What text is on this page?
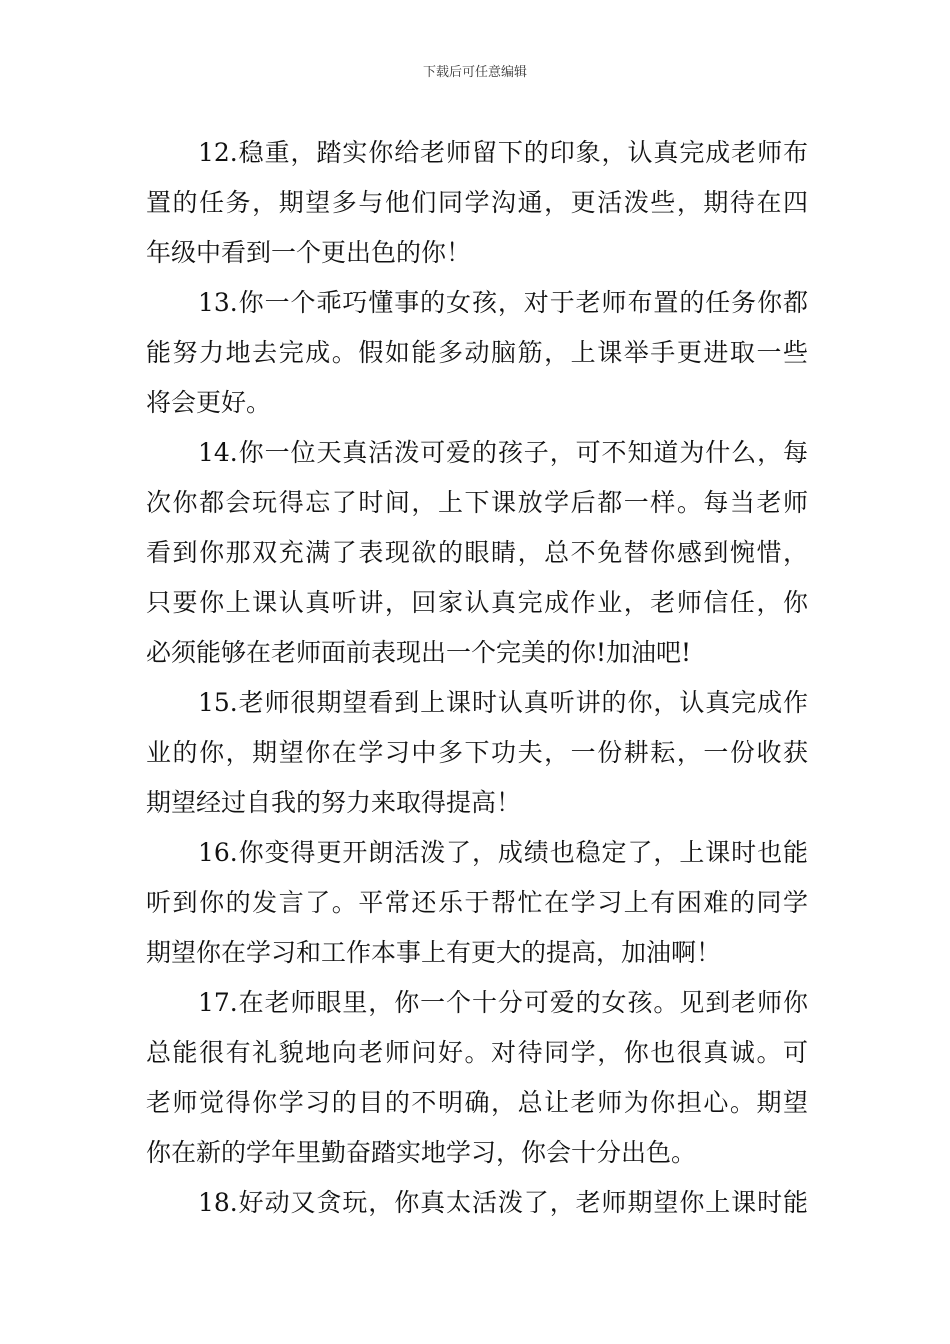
下载后可任意编辑
12.稳重，踏实你给老师留下的印象，认真完成老师布
置的任务，期望多与他们同学沟通，更活泼些，期待在四
年级中看到一个更出色的你！
13.你一个乖巧懂事的女孩，对于老师布置的任务你都
能努力地去完成。假如能多动脑筋，上课举手更进取一些
将会更好。
14.你一位天真活泼可爱的孩子，可不知道为什么，每
次你都会玩得忘了时间，上下课放学后都一样。每当老师
看到你那双充满了表现欲的眼睛，总不免替你感到惋惜，
只要你上课认真听讲，回家认真完成作业，老师信任，你
必须能够在老师面前表现出一个完美的你!加油吧!
15.老师很期望看到上课时认真听讲的你，认真完成作
业的你，期望你在学习中多下功夫，一份耕耘，一份收获
期望经过自我的努力来取得提高！
16.你变得更开朗活泼了，成绩也稳定了，上课时也能
听到你的发言了。平常还乐于帮忙在学习上有困难的同学
期望你在学习和工作本事上有更大的提高，加油啊！
17.在老师眼里，你一个十分可爱的女孩。见到老师你
总能很有礼貌地向老师问好。对待同学，你也很真诚。可
老师觉得你学习的目的不明确，总让老师为你担心。期望
你在新的学年里勤奋踏实地学习，你会十分出色。
18.好动又贪玩，你真太活泼了，老师期望你上课时能
